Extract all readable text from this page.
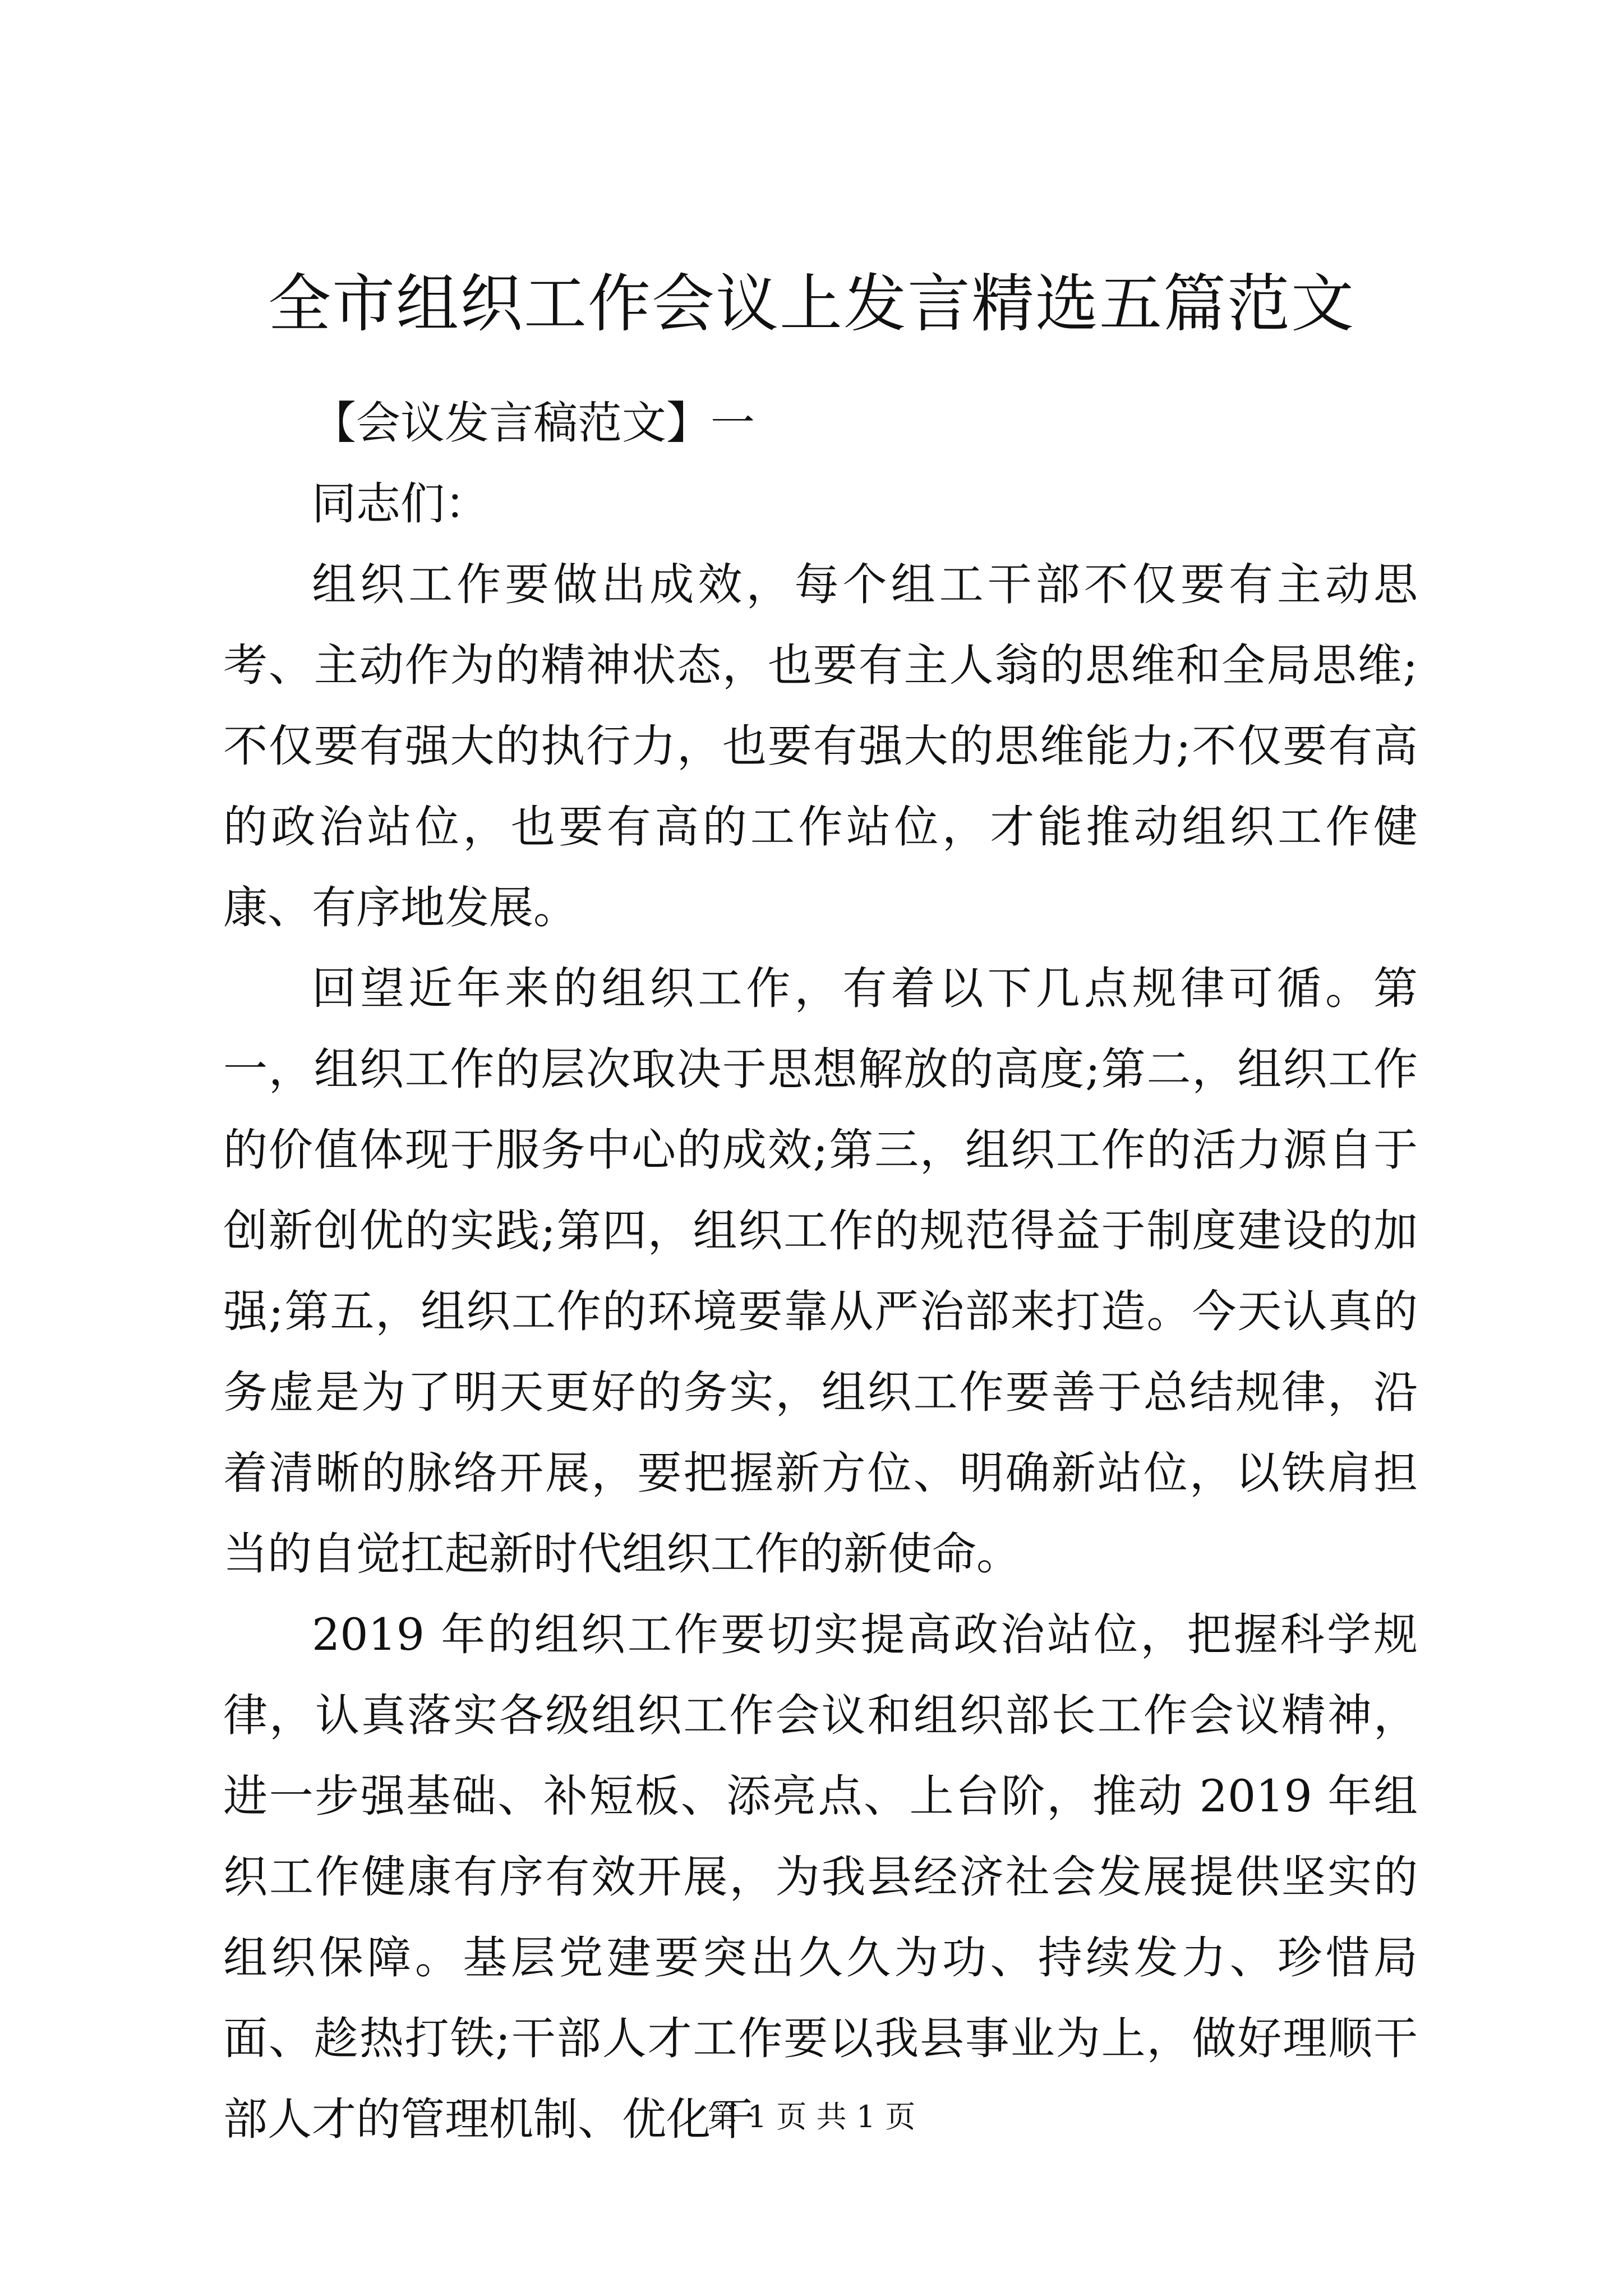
全市组织工作会议上发言精选五篇范文

【会议发言稿范文】一

同志们：

组织工作要做出成效，每个组工干部不仅要有主动思考、主动作为的精神状态，也要有主人翁的思维和全局思维;不仅要有强大的执行力，也要有强大的思维能力;不仅要有高的政治站位，也要有高的工作站位，才能推动组织工作健康、有序地发展。

回望近年来的组织工作，有着以下几点规律可循。第一，组织工作的层次取决于思想解放的高度;第二，组织工作的价值体现于服务中心的成效;第三，组织工作的活力源自于创新创优的实践;第四，组织工作的规范得益于制度建设的加强;第五，组织工作的环境要靠从严治部来打造。今天认真的务虚是为了明天更好的务实，组织工作要善于总结规律，沿着清晰的脉络开展，要把握新方位、明确新站位，以铁肩担当的自觉扛起新时代组织工作的新使命。

2019 年的组织工作要切实提高政治站位，把握科学规律，认真落实各级组织工作会议和组织部长工作会议精神，进一步强基础、补短板、添亮点、上台阶，推动 2019 年组织工作健康有序有效开展，为我县经济社会发展提供坚实的组织保障。基层党建要突出久久为功、持续发力、珍惜局面、趁热打铁;干部人才工作要以我县事业为上，做好理顺干部人才的管理机制、优化干

第 1 页 共 1 页
